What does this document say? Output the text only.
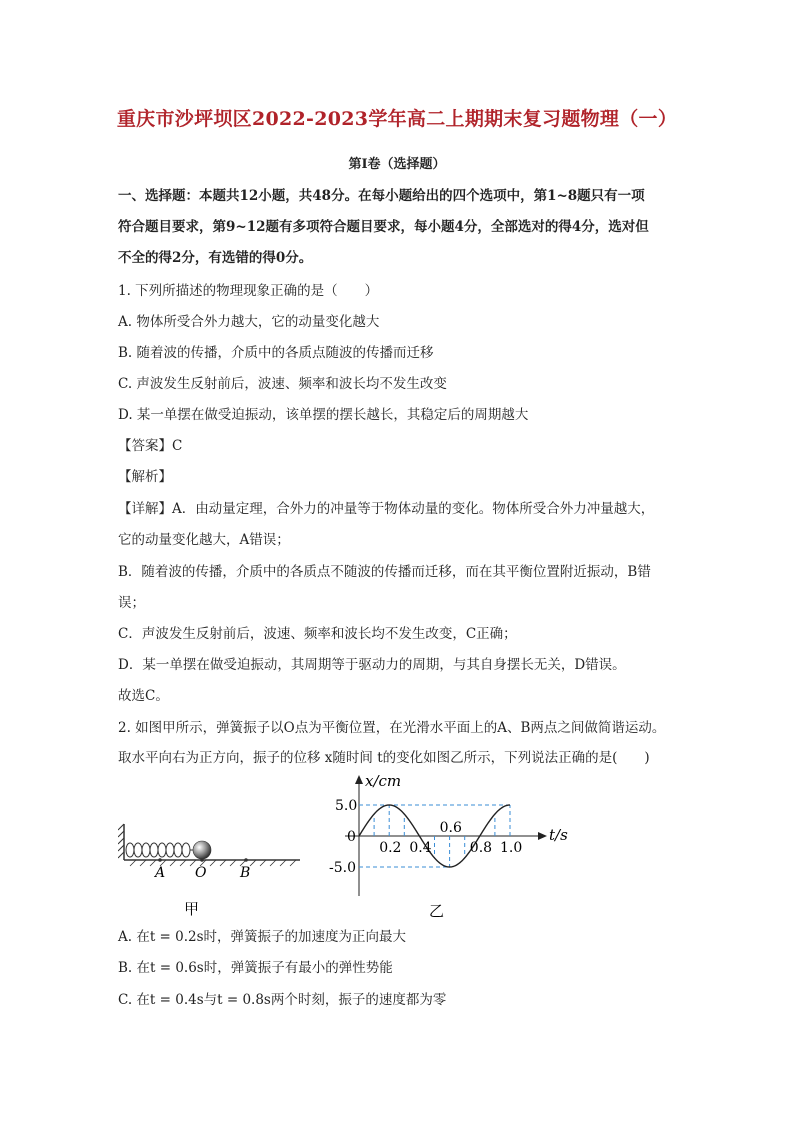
重庆市沙坪坝区2022-2023学年高二上期期末复习题物理（一）
第Ⅰ卷（选择题）
一、选择题：本题共12小题，共48分。在每小题给出的四个选项中，第1~8题只有一项
符合题目要求，第9~12题有多项符合题目要求，每小题4分，全部选对的得4分，选对但
不全的得2分，有选错的得0分。
1. 下列所描述的物理现象正确的是（　　）
A. 物体所受合外力越大，它的动量变化越大
B. 随着波的传播，介质中的各质点随波的传播而迁移
C. 声波发生反射前后，波速、频率和波长均不发生改变
D. 某一单摆在做受迫振动，该单摆的摆长越长，其稳定后的周期越大
【答案】C
【解析】
【详解】A．由动量定理，合外力的冲量等于物体动量的变化。物体所受合外力冲量越大，
它的动量变化越大，A错误；
B．随着波的传播，介质中的各质点不随波的传播而迁移，而在其平衡位置附近振动，B错
误；
C．声波发生反射前后，波速、频率和波长均不发生改变，C正确；
D．某一单摆在做受迫振动，其周期等于驱动力的周期，与其自身摆长无关，D错误。
故选C。
2. 如图甲所示，弹簧振子以O点为平衡位置，在光滑水平面上的A、B两点之间做简谐运动。
取水平向右为正方向，振子的位移 x随时间 t的变化如图乙所示，下列说法正确的是(　　)
A O B
甲
t/s
x/cm
5.0
0
-5.0
0.2 0.4
0.6
0.8 1.0
乙
A. 在t = 0.2s时，弹簧振子的加速度为正向最大
B. 在t = 0.6s时，弹簧振子有最小的弹性势能
C. 在t = 0.4s与t = 0.8s两个时刻，振子的速度都为零
